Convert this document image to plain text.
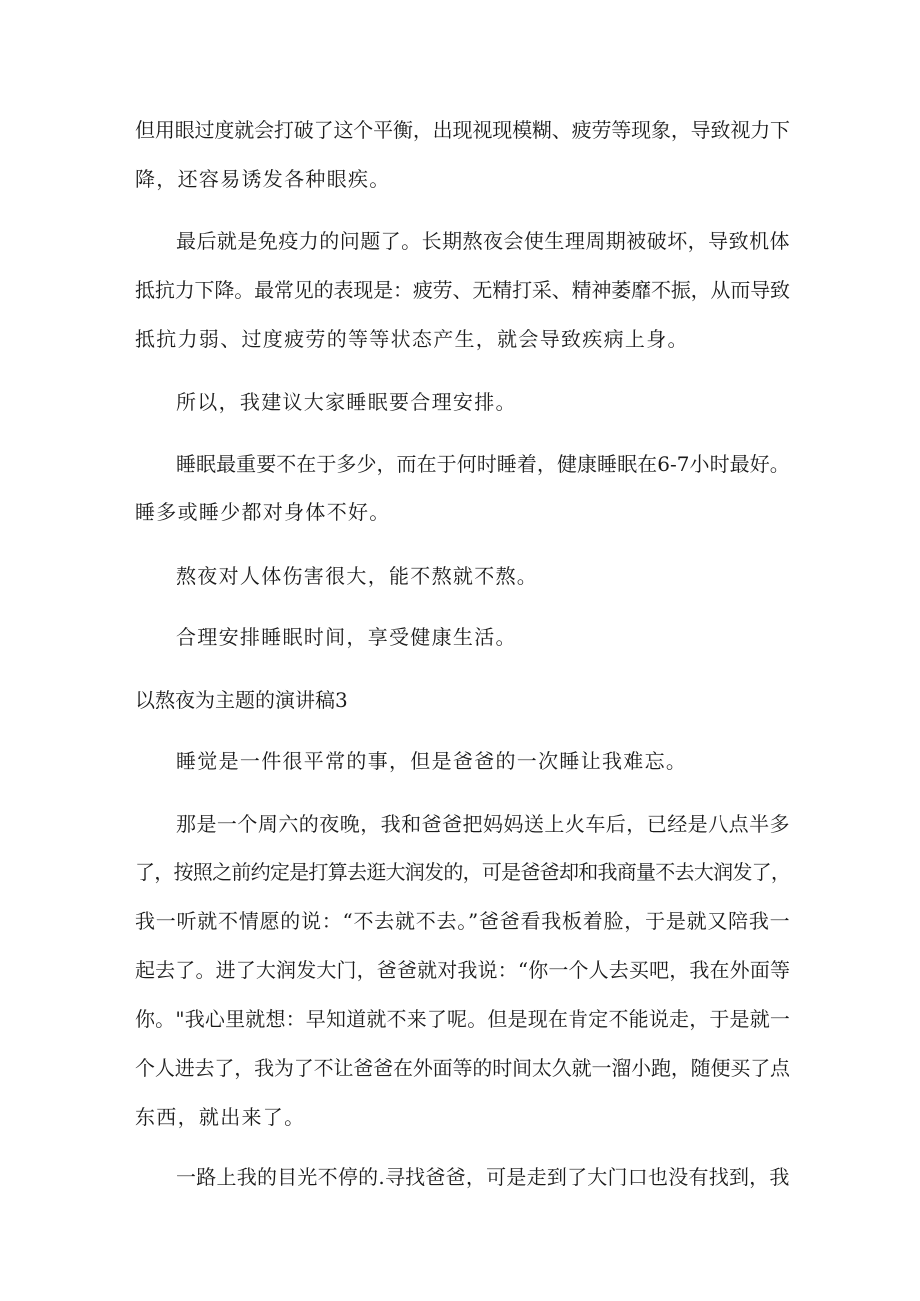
但用眼过度就会打破了这个平衡，出现视现模糊、疲劳等现象，导致视力下
降，还容易诱发各种眼疾。
最后就是免疫力的问题了。长期熬夜会使生理周期被破坏，导致机体
抵抗力下降。最常见的表现是：疲劳、无精打采、精神萎靡不振，从而导致
抵抗力弱、过度疲劳的等等状态产生，就会导致疾病上身。
所以，我建议大家睡眠要合理安排。
睡眠最重要不在于多少，而在于何时睡着，健康睡眠在6-7小时最好。
睡多或睡少都对身体不好。
熬夜对人体伤害很大，能不熬就不熬。
合理安排睡眠时间，享受健康生活。
以熬夜为主题的演讲稿3
睡觉是一件很平常的事，但是爸爸的一次睡让我难忘。
那是一个周六的夜晚，我和爸爸把妈妈送上火车后，已经是八点半多
了，按照之前约定是打算去逛大润发的，可是爸爸却和我商量不去大润发了，
我一听就不情愿的说：“不去就不去。”爸爸看我板着脸，于是就又陪我一
起去了。进了大润发大门，爸爸就对我说：“你一个人去买吧，我在外面等
你。"我心里就想：早知道就不来了呢。但是现在肯定不能说走，于是就一
个人进去了，我为了不让爸爸在外面等的时间太久就一溜小跑，随便买了点
东西，就出来了。
一路上我的目光不停的.寻找爸爸，可是走到了大门口也没有找到，我
